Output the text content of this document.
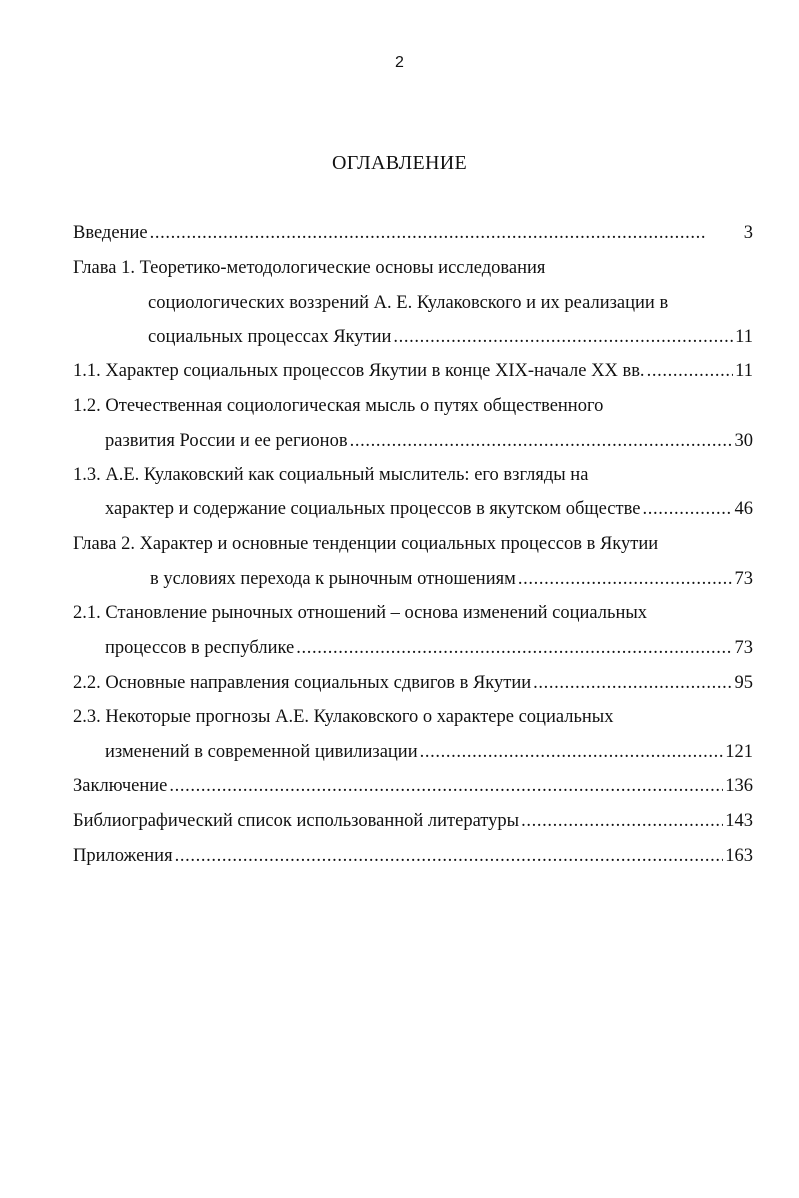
2
ОГЛАВЛЕНИЕ
Введение . . .	3
Глава 1. Теоретико-методологические основы исследования
социологических воззрений А. Е. Кулаковского и их реализации в
социальных процессах Якутии . . .	11
1.1. Характер социальных процессов Якутии в конце XIX-начале XX вв. . . .	11
1.2. Отечественная социологическая мысль о путях общественного
развития России и ее регионов . . .	30
1.3. А.Е. Кулаковский как социальный мыслитель: его взгляды на
характер и содержание социальных процессов в якутском обществе . . .	46
Глава 2. Характер и основные тенденции социальных процессов в Якутии
в условиях перехода к рыночным отношениям . . .	73
2.1. Становление рыночных отношений – основа изменений социальных
процессов в республике . . .	73
2.2. Основные направления социальных сдвигов в Якутии . . .	95
2.3. Некоторые прогнозы А.Е. Кулаковского о характере социальных
изменений в современной цивилизации . . .	121
Заключение . . .	136
Библиографический список использованной литературы . . .	143
Приложения . . .	163
